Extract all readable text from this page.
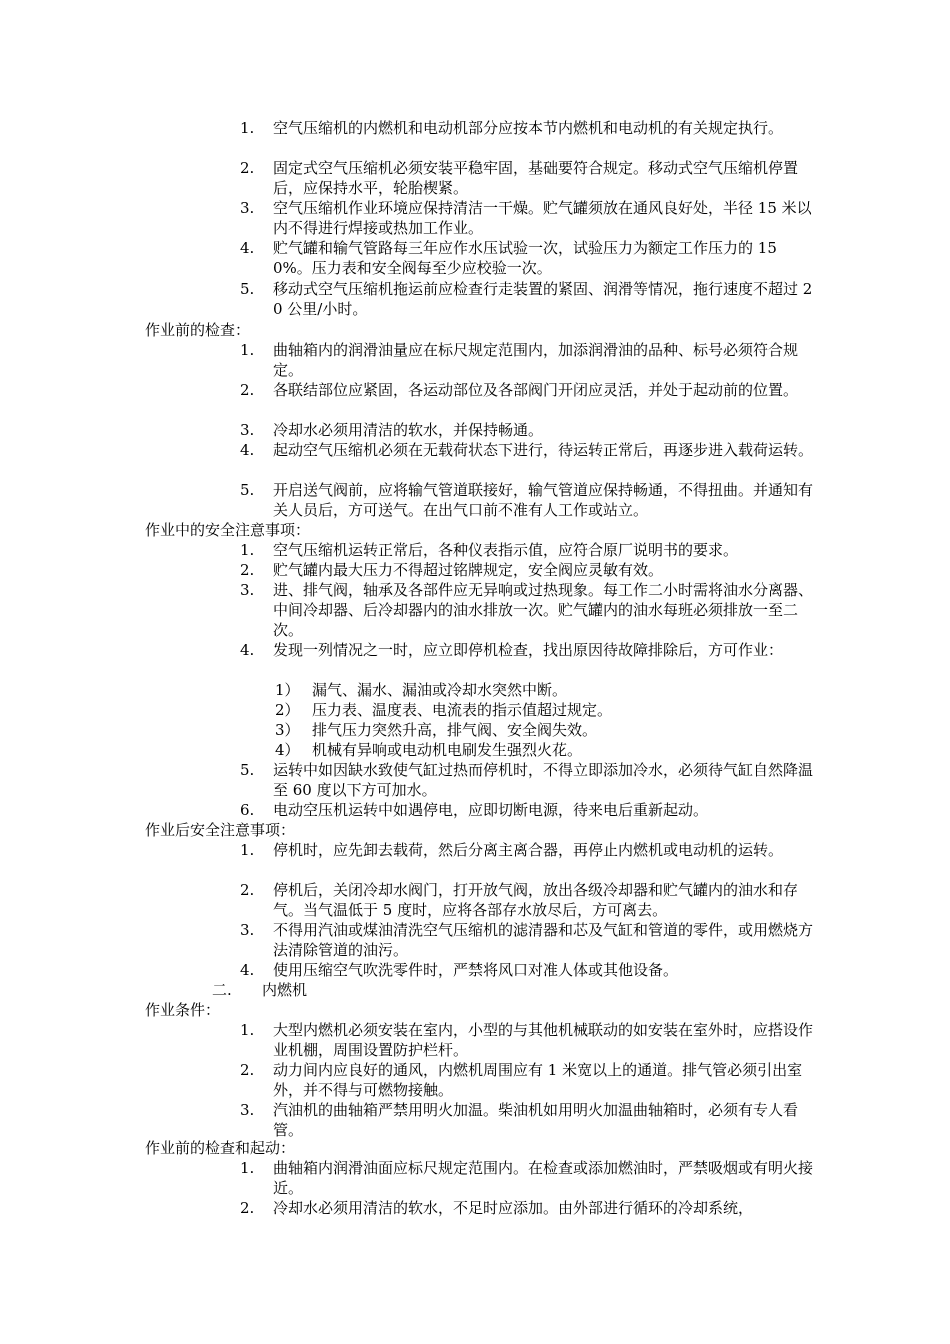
1.	空气压缩机的内燃机和电动机部分应按本节内燃机和电动机的有关规定执行。
2.	固定式空气压缩机必须安装平稳牢固，基础要符合规定。移动式空气压缩机停置后，应保持水平，轮胎楔紧。
3.	空气压缩机作业环境应保持清洁一干燥。贮气罐须放在通风良好处，半径 15 米以内不得进行焊接或热加工作业。
4.	贮气罐和输气管路每三年应作水压试验一次，试验压力为额定工作压力的 150%。压力表和安全阀每至少应校验一次。
5.	移动式空气压缩机拖运前应检查行走装置的紧固、润滑等情况，拖行速度不超过 20 公里/小时。
作业前的检查：
1.	曲轴箱内的润滑油量应在标尺规定范围内，加添润滑油的品种、标号必须符合规定。
2.	各联结部位应紧固，各运动部位及各部阀门开闭应灵活，并处于起动前的位置。
3.	冷却水必须用清洁的软水，并保持畅通。
4.	起动空气压缩机必须在无载荷状态下进行，待运转正常后，再逐步进入载荷运转。
5.	开启送气阀前，应将输气管道联接好，输气管道应保持畅通，不得扭曲。并通知有关人员后，方可送气。在出气口前不准有人工作或站立。
作业中的安全注意事项：
1.	空气压缩机运转正常后，各种仪表指示值，应符合原厂说明书的要求。
2.	贮气罐内最大压力不得超过铭牌规定，安全阀应灵敏有效。
3.	进、排气阀，轴承及各部件应无异响或过热现象。每工作二小时需将油水分离器、中间冷却器、后冷却器内的油水排放一次。贮气罐内的油水每班必须排放一至二次。
4.	发现一列情况之一时，应立即停机检查，找出原因待故障排除后，方可作业：
1） 漏气、漏水、漏油或冷却水突然中断。
2） 压力表、温度表、电流表的指示值超过规定。
3） 排气压力突然升高，排气阀、安全阀失效。
4） 机械有异响或电动机电刷发生强烈火花。
5.	运转中如因缺水致使气缸过热而停机时，不得立即添加冷水，必须待气缸自然降温至 60 度以下方可加水。
6.	电动空压机运转中如遇停电，应即切断电源，待来电后重新起动。
作业后安全注意事项：
1.	停机时，应先卸去载荷，然后分离主离合器，再停止内燃机或电动机的运转。
2.	停机后，关闭冷却水阀门，打开放气阀，放出各级冷却器和贮气罐内的油水和存气。当气温低于 5 度时，应将各部存水放尽后，方可离去。
3.	不得用汽油或煤油清洗空气压缩机的滤清器和芯及气缸和管道的零件，或用燃烧方法清除管道的油污。
4.	使用压缩空气吹洗零件时，严禁将风口对准人体或其他设备。
二. 内燃机
作业条件：
1.	大型内燃机必须安装在室内，小型的与其他机械联动的如安装在室外时，应搭设作业机棚，周围设置防护栏杆。
2.	动力间内应良好的通风，内燃机周围应有 1 米宽以上的通道。排气管必须引出室外，并不得与可燃物接触。
3.	汽油机的曲轴箱严禁用明火加温。柴油机如用明火加温曲轴箱时，必须有专人看管。
作业前的检查和起动：
1.	曲轴箱内润滑油面应标尺规定范围内。在检查或添加燃油时，严禁吸烟或有明火接近。
2.	冷却水必须用清洁的软水，不足时应添加。由外部进行循环的冷却系统，
